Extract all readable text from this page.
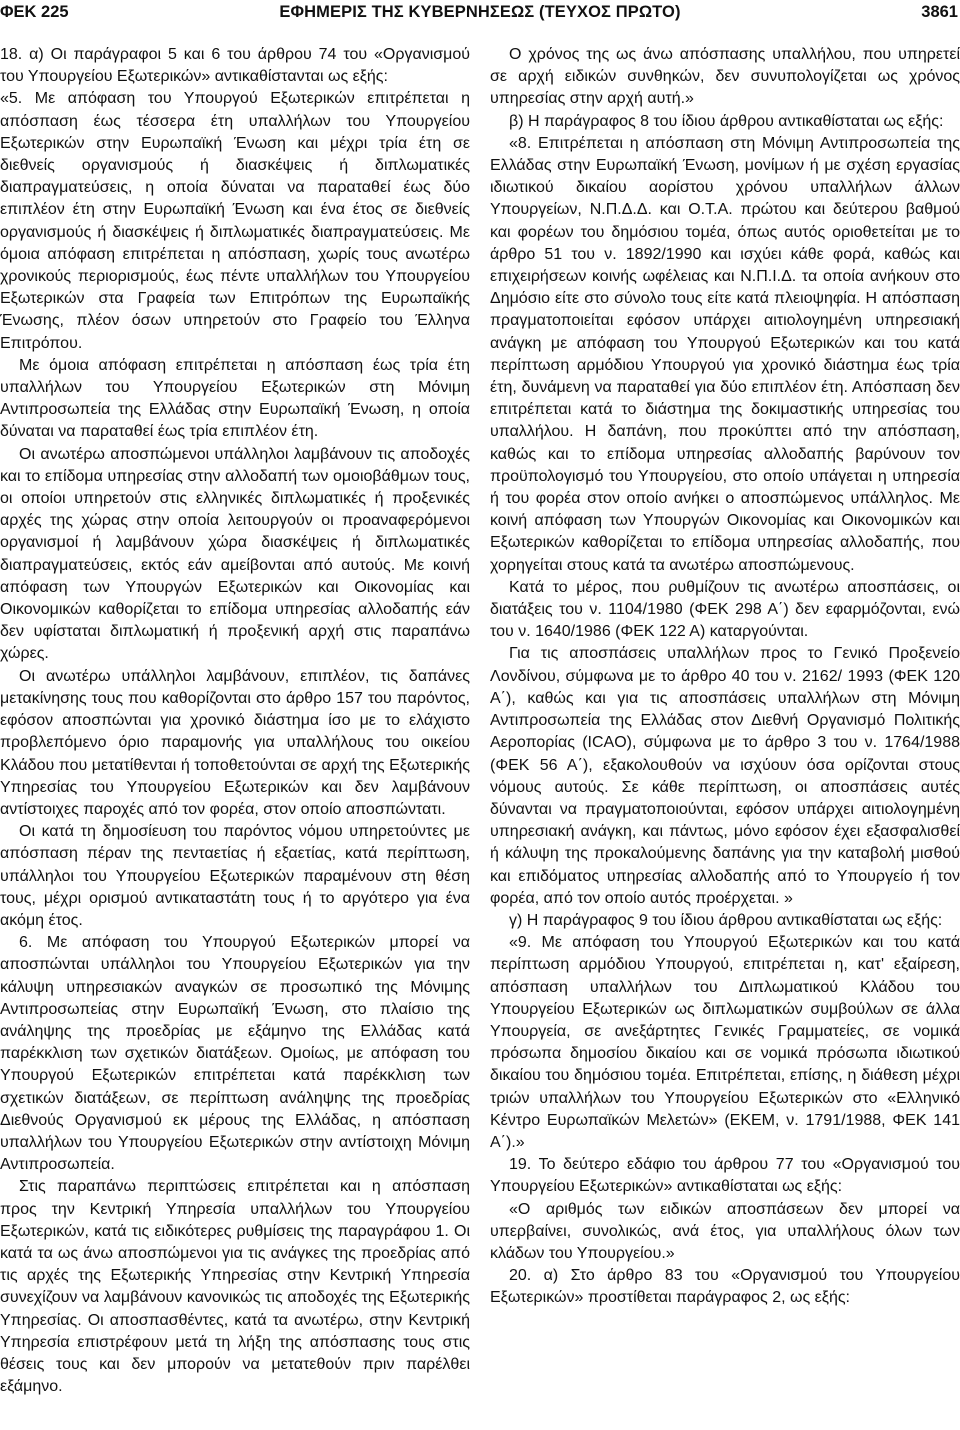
ΦΕΚ 225	ΕΦΗΜΕΡΙΣ ΤΗΣ ΚΥΒΕΡΝΗΣΕΩΣ (ΤΕΥΧΟΣ ΠΡΩΤΟ)	3861

18. α) Οι παράγραφοι 5 και 6 του άρθρου 74 του «Οργανισμού του Υπουργείου Εξωτερικών» αντικαθίστανται ως εξής:

«5. Με απόφαση του Υπουργού Εξωτερικών επιτρέπεται η απόσπαση έως τέσσερα έτη υπαλλήλων του Υπουργείου Εξωτερικών στην Ευρωπαϊκή Ένωση και μέχρι τρία έτη σε διεθνείς οργανισμούς ή διασκέψεις ή διπλωματικές διαπραγματεύσεις, η οποία δύναται να παραταθεί έως δύο επιπλέον έτη στην Ευρωπαϊκή Ένωση και ένα έτος σε διεθνείς οργανισμούς ή διασκέψεις ή διπλωματικές διαπραγματεύσεις. Με όμοια απόφαση επιτρέπεται η απόσπαση, χωρίς τους ανωτέρω χρονικούς περιορισμούς, έως πέντε υπαλλήλων του Υπουργείου Εξωτερικών στα Γραφεία των Επιτρόπων της Ευρωπαϊκής Ένωσης, πλέον όσων υπηρετούν στο Γραφείο του Έλληνα Επιτρόπου.

Με όμοια απόφαση επιτρέπεται η απόσπαση έως τρία έτη υπαλλήλων του Υπουργείου Εξωτερικών στη Μόνιμη Αντιπροσωπεία της Ελλάδας στην Ευρωπαϊκή Ένωση, η οποία δύναται να παραταθεί έως τρία επιπλέον έτη.

Οι ανωτέρω αποσπώμενοι υπάλληλοι λαμβάνουν τις αποδοχές και το επίδομα υπηρεσίας στην αλλοδαπή των ομοιοβάθμων τους, οι οποίοι υπηρετούν στις ελληνικές διπλωματικές ή προξενικές αρχές της χώρας στην οποία λειτουργούν οι προαναφερόμενοι οργανισμοί ή λαμβάνουν χώρα διασκέψεις ή διπλωματικές διαπραγματεύσεις, εκτός εάν αμείβονται από αυτούς. Με κοινή απόφαση των Υπουργών Εξωτερικών και Οικονομίας και Οικονομικών καθορίζεται το επίδομα υπηρεσίας αλλοδαπής εάν δεν υφίσταται διπλωματική ή προξενική αρχή στις παραπάνω χώρες.

Οι ανωτέρω υπάλληλοι λαμβάνουν, επιπλέον, τις δαπάνες μετακίνησης τους που καθορίζονται στο άρθρο 157 του παρόντος, εφόσον αποσπώνται για χρονικό διάστημα ίσο με το ελάχιστο προβλεπόμενο όριο παραμονής για υπαλλήλους του οικείου Κλάδου που μετατίθενται ή τοποθετούνται σε αρχή της Εξωτερικής Υπηρεσίας του Υπουργείου Εξωτερικών και δεν λαμβάνουν αντίστοιχες παροχές από τον φορέα, στον οποίο αποσπώντατι.

Οι κατά τη δημοσίευση του παρόντος νόμου υπηρετούντες με απόσπαση πέραν της πενταετίας ή εξαετίας, κατά περίπτωση, υπάλληλοι του Υπουργείου Εξωτερικών παραμένουν στη θέση τους, μέχρι ορισμού αντικαταστάτη τους ή το αργότερο για ένα ακόμη έτος.

6. Με απόφαση του Υπουργού Εξωτερικών μπορεί να αποσπώνται υπάλληλοι του Υπουργείου Εξωτερικών για την κάλυψη υπηρεσιακών αναγκών σε προσωπικό της Μόνιμης Αντιπροσωπείας στην Ευρωπαϊκή Ένωση, στο πλαίσιο της ανάληψης της προεδρίας με εξάμηνο της Ελλάδας κατά παρέκκλιση των σχετικών διατάξεων. Ομοίως, με απόφαση του Υπουργού Εξωτερικών επιτρέπεται κατά παρέκκλιση των σχετικών διατάξεων, σε περίπτωση ανάληψης της προεδρίας Διεθνούς Οργανισμού εκ μέρους της Ελλάδας, η απόσπαση υπαλλήλων του Υπουργείου Εξωτερικών στην αντίστοιχη Μόνιμη Αντιπροσωπεία.

Στις παραπάνω περιπτώσεις επιτρέπεται και η απόσπαση προς την Κεντρική Υπηρεσία υπαλλήλων του Υπουργείου Εξωτερικών, κατά τις ειδικότερες ρυθμίσεις της παραγράφου 1. Οι κατά τα ως άνω αποσπώμενοι για τις ανάγκες της προεδρίας από τις αρχές της Εξωτερικής Υπηρεσίας στην Κεντρική Υπηρεσία συνεχίζουν να λαμβάνουν κανονικώς τις αποδοχές της Εξωτερικής Υπηρεσίας. Οι αποσπασθέντες, κατά τα ανωτέρω, στην Κεντρική Υπηρεσία επιστρέφουν μετά τη λήξη της απόσπασης τους στις θέσεις τους και δεν μπορούν να μετατεθούν πριν παρέλθει εξάμηνο.

Ο χρόνος της ως άνω απόσπασης υπαλλήλου, που υπηρετεί σε αρχή ειδικών συνθηκών, δεν συνυπολογίζεται ως χρόνος υπηρεσίας στην αρχή αυτή.»

β) Η παράγραφος 8 του ίδιου άρθρου αντικαθίσταται ως εξής:

«8. Επιτρέπεται η απόσπαση στη Μόνιμη Αντιπροσωπεία της Ελλάδας στην Ευρωπαϊκή Ένωση, μονίμων ή με σχέση εργασίας ιδιωτικού δικαίου αορίστου χρόνου υπαλλήλων άλλων Υπουργείων, Ν.Π.Δ.Δ. και Ο.Τ.Α. πρώτου και δεύτερου βαθμού και φορέων του δημόσιου τομέα, όπως αυτός οριοθετείται με το άρθρο 51 του ν. 1892/1990 και ισχύει κάθε φορά, καθώς και επιχειρήσεων κοινής ωφέλειας και Ν.Π.Ι.Δ. τα οποία ανήκουν στο Δημόσιο είτε στο σύνολο τους είτε κατά πλειοψηφία. Η απόσπαση πραγματοποιείται εφόσον υπάρχει αιτιολογημένη υπηρεσιακή ανάγκη με απόφαση του Υπουργού Εξωτερικών και του κατά περίπτωση αρμόδιου Υπουργού για χρονικό διάστημα έως τρία έτη, δυνάμενη να παραταθεί για δύο επιπλέον έτη. Απόσπαση δεν επιτρέπεται κατά το διάστημα της δοκιμαστικής υπηρεσίας του υπαλλήλου. Η δαπάνη, που προκύπτει από την απόσπαση, καθώς και το επίδομα υπηρεσίας αλλοδαπής βαρύνουν τον προϋπολογισμό του Υπουργείου, στο οποίο υπάγεται η υπηρεσία ή του φορέα στον οποίο ανήκει ο αποσπώμενος υπάλληλος. Με κοινή απόφαση των Υπουργών Οικονομίας και Οικονομικών και Εξωτερικών καθορίζεται το επίδομα υπηρεσίας αλλοδαπής, που χορηγείται στους κατά τα ανωτέρω αποσπώμενους.

Κατά το μέρος, που ρυθμίζουν τις ανωτέρω αποσπάσεις, οι διατάξεις του ν. 1104/1980 (ΦΕΚ 298 Α΄) δεν εφαρμόζονται, ενώ του ν. 1640/1986 (ΦΕΚ 122 Α) καταργούνται.

Για τις αποσπάσεις υπαλλήλων προς το Γενικό Προξενείο Λονδίνου, σύμφωνα με το άρθρο 40 του ν. 2162/ 1993 (ΦΕΚ 120 Α΄), καθώς και για τις αποσπάσεις υπαλλήλων στη Μόνιμη Αντιπροσωπεία της Ελλάδας στον Διεθνή Οργανισμό Πολιτικής Αεροπορίας (ICAO), σύμφωνα με το άρθρο 3 του ν. 1764/1988 (ΦΕΚ 56 Α΄), εξακολουθούν να ισχύουν όσα ορίζονται στους νόμους αυτούς. Σε κάθε περίπτωση, οι αποσπάσεις αυτές δύνανται να πραγματοποιούνται, εφόσον υπάρχει αιτιολογημένη υπηρεσιακή ανάγκη, και πάντως, μόνο εφόσον έχει εξασφαλισθεί ή κάλυψη της προκαλούμενης δαπάνης για την καταβολή μισθού και επιδόματος υπηρεσίας αλλοδαπής από το Υπουργείο ή τον φορέα, από τον οποίο αυτός προέρχεται. »

γ) Η παράγραφος 9 του ίδιου άρθρου αντικαθίσταται ως εξής:

«9. Με απόφαση του Υπουργού Εξωτερικών και του κατά περίπτωση αρμόδιου Υπουργού, επιτρέπεται η, κατ' εξαίρεση, απόσπαση υπαλλήλων του Διπλωματικού Κλάδου του Υπουργείου Εξωτερικών ως διπλωματικών συμβούλων σε άλλα Υπουργεία, σε ανεξάρτητες Γενικές Γραμματείες, σε νομικά πρόσωπα δημοσίου δικαίου και σε νομικά πρόσωπα ιδιωτικού δικαίου του δημόσιου τομέα. Επιτρέπεται, επίσης, η διάθεση μέχρι τριών υπαλλήλων του Υπουργείου Εξωτερικών στο «Ελληνικό Κέντρο Ευρωπαϊκών Μελετών» (ΕΚΕΜ, ν. 1791/1988, ΦΕΚ 141 Α΄).»

19. Το δεύτερο εδάφιο του άρθρου 77 του «Οργανισμού του Υπουργείου Εξωτερικών» αντικαθίσταται ως εξής:

«Ο αριθμός των ειδικών αποσπάσεων δεν μπορεί να υπερβαίνει, συνολικώς, ανά έτος, για υπαλλήλους όλων των κλάδων του Υπουργείου.»

20. α) Στο άρθρο 83 του «Οργανισμού του Υπουργείου Εξωτερικών» προστίθεται παράγραφος 2, ως εξής:
